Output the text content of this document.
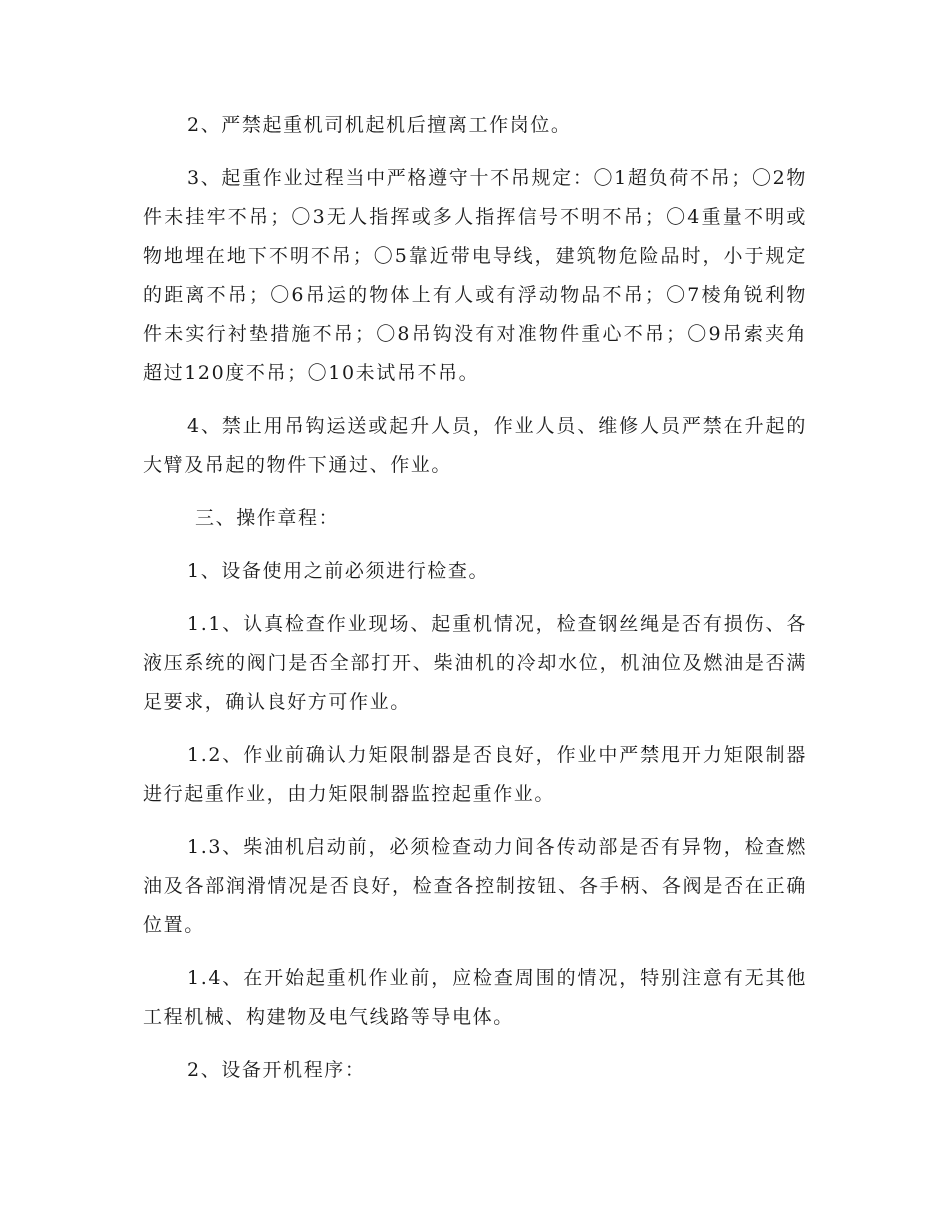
2、严禁起重机司机起机后擅离工作岗位。

3、起重作业过程当中严格遵守十不吊规定：〇1超负荷不吊；〇2物件未挂牢不吊；〇3无人指挥或多人指挥信号不明不吊；〇4重量不明或物地埋在地下不明不吊；〇5靠近带电导线，建筑物危险品时，小于规定的距离不吊；〇6吊运的物体上有人或有浮动物品不吊；〇7棱角锐利物件未实行衬垫措施不吊；〇8吊钩没有对准物件重心不吊；〇9吊索夹角超过120度不吊；〇10未试吊不吊。

4、禁止用吊钩运送或起升人员，作业人员、维修人员严禁在升起的大臂及吊起的物件下通过、作业。

三、操作章程：

1、设备使用之前必须进行检查。

1.1、认真检查作业现场、起重机情况，检查钢丝绳是否有损伤、各液压系统的阀门是否全部打开、柴油机的冷却水位，机油位及燃油是否满足要求，确认良好方可作业。

1.2、作业前确认力矩限制器是否良好，作业中严禁甩开力矩限制器进行起重作业，由力矩限制器监控起重作业。

1.3、柴油机启动前，必须检查动力间各传动部是否有异物，检查燃油及各部润滑情况是否良好，检查各控制按钮、各手柄、各阀是否在正确位置。

1.4、在开始起重机作业前，应检查周围的情况，特别注意有无其他工程机械、构建物及电气线路等导电体。

2、设备开机程序：
